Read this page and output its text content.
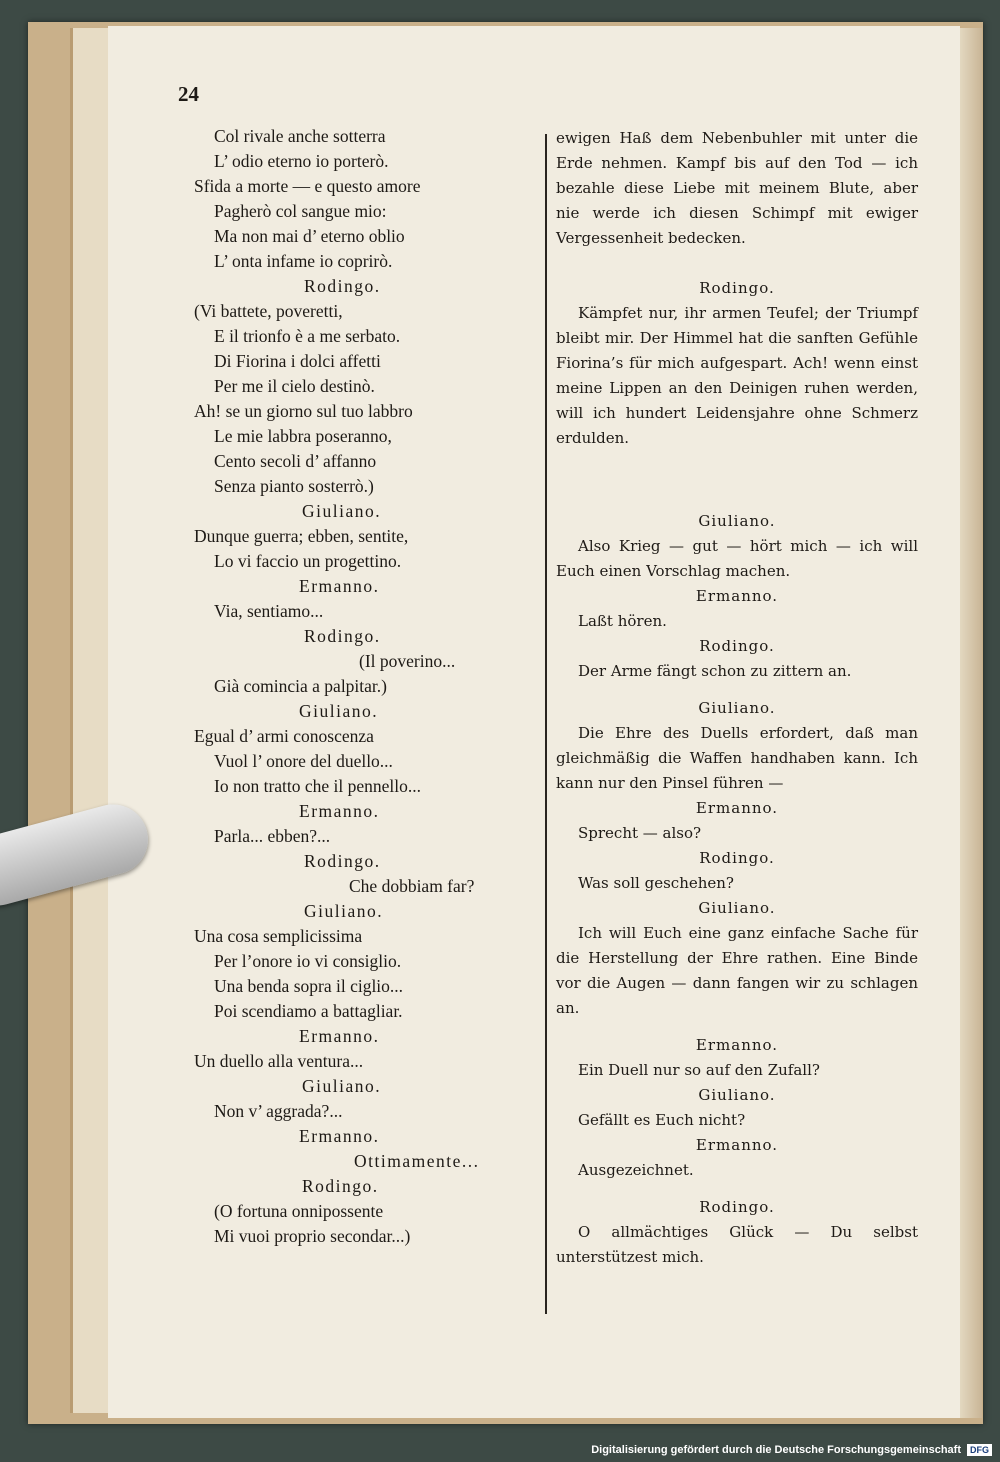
24
Col rivale anche sotterra
L’ odio eterno io porterò.
Sfida a morte — e questo amore
Pagherò col sangue mio:
Ma non mai d’ eterno oblio
L’ onta infame io coprirò.
Rodingo.
(Vi battete, poveretti,
E il trionfo è a me serbato.
Di Fiorina i dolci affetti
Per me il cielo destinò.
Ah! se un giorno sul tuo labbro
Le mie labbra poseranno,
Cento secoli d’ affanno
Senza pianto sosterrò.)
Giuliano.
Dunque guerra; ebben, sentite,
Lo vi faccio un progettino.
Ermanno.
Via, sentiamo...
Rodingo.
(Il poverino...
Già comincia a palpitar.)
Giuliano.
Egual d’ armi conoscenza
Vuol l’ onore del duello...
Io non tratto che il pennello...
Ermanno.
Parla... ebben?...
Rodingo.
Che dobbiam far?
Giuliano.
Una cosa semplicissima
Per l’onore io vi consiglio.
Una benda sopra il ciglio...
Poi scendiamo a battagliar.
Ermanno.
Un duello alla ventura...
Giuliano.
Non v’ aggrada?...
Ermanno.
Ottimamente...
Rodingo.
(O fortuna onnipossente
Mi vuoi proprio secondar...)
ewigen Haß dem Nebenbuhler mit unter die Erde nehmen. Kampf bis auf den Tod — ich bezahle diese Liebe mit meinem Blute, aber nie werde ich diesen Schimpf mit ewiger Vergessenheit bedecken.
Rodingo.
Kämpfet nur, ihr armen Teufel; der Triumpf bleibt mir. Der Himmel hat die sanften Gefühle Fiorina’s für mich aufgespart. Ach! wenn einst meine Lippen an den Deinigen ruhen werden, will ich hundert Leidensjahre ohne Schmerz erdulden.
Giuliano.
Also Krieg — gut — hört mich — ich will Euch einen Vorschlag machen.
Ermanno.
Laßt hören.
Rodingo.
Der Arme fängt schon zu zittern an.
Giuliano.
Die Ehre des Duells erfordert, daß man gleichmäßig die Waffen handhaben kann. Ich kann nur den Pinsel führen —
Ermanno.
Sprecht — also?
Rodingo.
Was soll geschehen?
Giuliano.
Ich will Euch eine ganz einfache Sache für die Herstellung der Ehre rathen. Eine Binde vor die Augen — dann fangen wir zu schlagen an.
Ermanno.
Ein Duell nur so auf den Zufall?
Giuliano.
Gefällt es Euch nicht?
Ermanno.
Ausgezeichnet.
Rodingo.
O allmächtiges Glück — Du selbst unterstützest mich.
Digitalisierung gefördert durch die Deutsche Forschungsgemeinschaft	DFG
